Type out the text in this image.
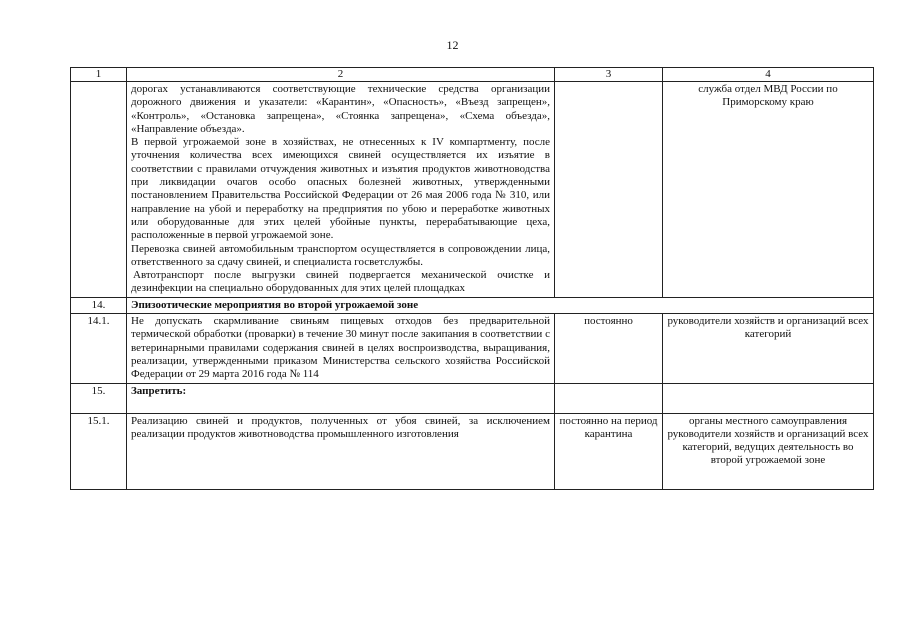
12
1	2	3	4

	дорогах устанавливаются соответствующие технические средства организации дорожного движения и указатели: «Карантин», «Опасность», «Въезд запрещен», «Контроль», «Остановка запрещена», «Стоянка запрещена», «Схема объезда», «Направление объезда».

В первой угрожаемой зоне в хозяйствах, не отнесенных к IV компартменту, после уточнения количества всех имеющихся свиней осуществляется их изъятие в соответствии с правилами отчуждения животных и изъятия продуктов животноводства при ликвидации очагов особо опасных болезней животных, утвержденными постановлением Правительства Российской Федерации от 26 мая 2006 года № 310, или направление на убой и переработку на предприятия по убою и переработке животных или оборудованные для этих целей убойные пункты, перерабатывающие цеха, расположенные в первой угрожаемой зоне.

Перевозка свиней автомобильным транспортом осуществляется в сопровождении лица, ответственного за сдачу свиней, и специалиста госветслужбы.

Автотранспорт после выгрузки свиней подвергается механической очистке и дезинфекции на специально оборудованных для этих целей площадках		служба отдел МВД России по Приморскому краю
14.	Эпизоотические мероприятия во второй угрожаемой зоне		
14.1.	Не допускать скармливание свиньям пищевых отходов без предварительной термической обработки (проварки) в течение 30 минут после закипания в соответствии с ветеринарными правилами содержания свиней в целях воспроизводства, выращивания, реализации, утвержденными приказом Министерства сельского хозяйства Российской Федерации от 29 марта 2016 года № 114	постоянно	руководители хозяйств и организаций всех категорий
15.	Запретить:		
15.1.	Реализацию свиней и продуктов, полученных от убоя свиней, за исключением реализации продуктов животноводства промышленного изготовления	постоянно на период карантина	органы местного самоуправления руководители хозяйств и организаций всех категорий, ведущих деятельность во второй угрожаемой зоне
